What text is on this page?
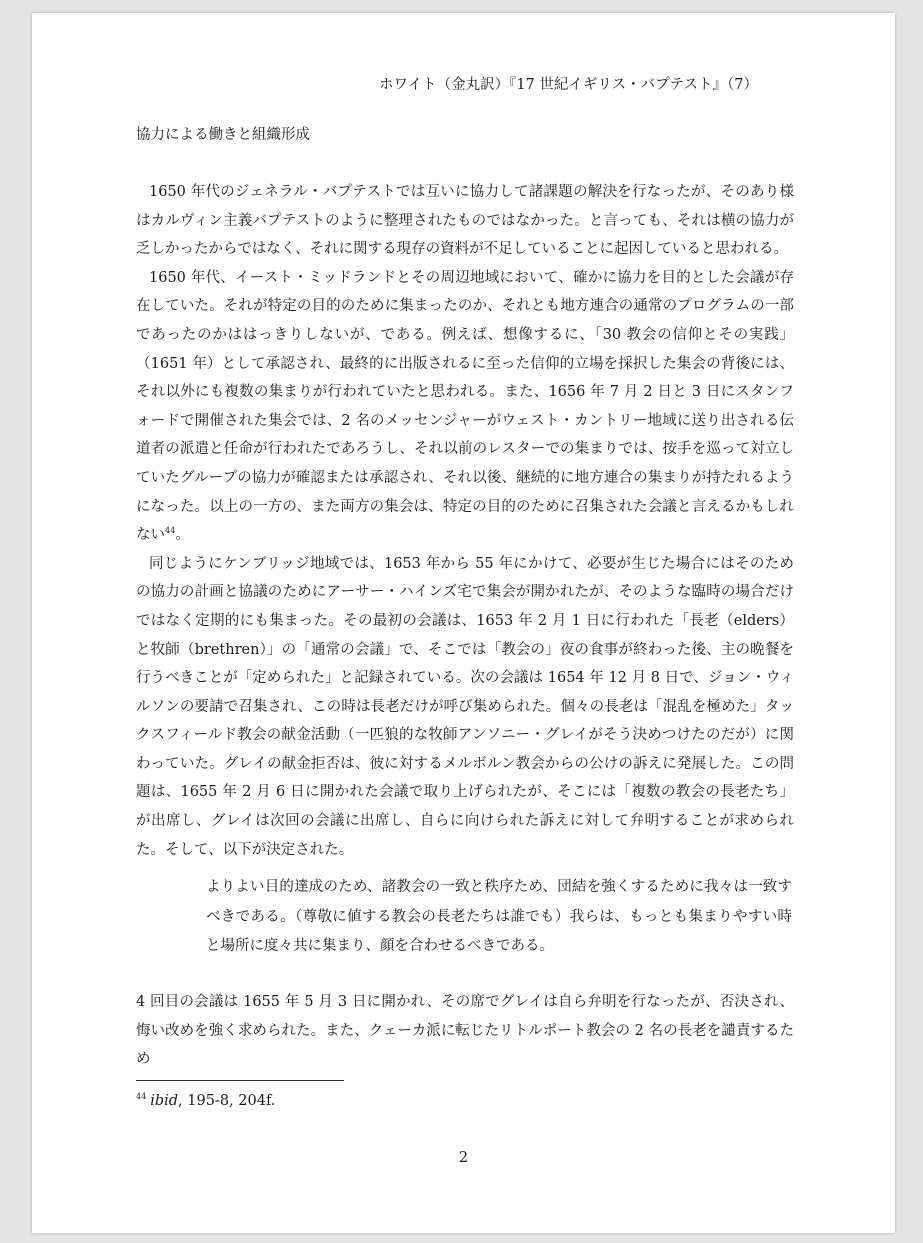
ホワイト（金丸訳）『17 世紀イギリス・バプテスト』（7）
協力による働きと組織形成

1650 年代のジェネラル・バプテストでは互いに協力して諸課題の解決を行なったが、そのあり様はカルヴィン主義バプテストのように整理されたものではなかった。と言っても、それは横の協力が乏しかったからではなく、それに関する現存の資料が不足していることに起因していると思われる。

1650 年代、イースト・ミッドランドとその周辺地域において、確かに協力を目的とした会議が存在していた。それが特定の目的のために集まったのか、それとも地方連合の通常のプログラムの一部であったのかははっきりしないが、である。例えば、想像するに、「30 教会の信仰とその実践」（1651 年）として承認され、最終的に出版されるに至った信仰的立場を採択した集会の背後には、それ以外にも複数の集まりが行われていたと思われる。また、1656 年 7 月 2 日と 3 日にスタンフォードで開催された集会では、2 名のメッセンジャーがウェスト・カントリー地域に送り出される伝道者の派遣と任命が行われたであろうし、それ以前のレスターでの集まりでは、按手を巡って対立していたグループの協力が確認または承認され、それ以後、継続的に地方連合の集まりが持たれるようになった。以上の一方の、また両方の集会は、特定の目的のために召集された会議と言えるかもしれない$^{44}$。

同じようにケンブリッジ地域では、1653 年から 55 年にかけて、必要が生じた場合にはそのための協力の計画と協議のためにアーサー・ハインズ宅で集会が開かれたが、そのような臨時の場合だけではなく定期的にも集まった。その最初の会議は、1653 年 2 月 1 日に行われた「長老（elders）と牧師（brethren）」の「通常の会議」で、そこでは「教会の」夜の食事が終わった後、主の晩餐を行うべきことが「定められた」と記録されている。次の会議は 1654 年 12 月 8 日で、ジョン・ウィルソンの要請で召集され、この時は長老だけが呼び集められた。個々の長老は「混乱を極めた」タックスフィールド教会の献金活動（一匹狼的な牧師アンソニー・グレイがそう決めつけたのだが）に関わっていた。グレイの献金拒否は、彼に対するメルボルン教会からの公けの訴えに発展した。この問題は、1655 年 2 月 6 日に開かれた会議で取り上げられたが、そこには「複数の教会の長老たち」が出席し、グレイは次回の会議に出席し、自らに向けられた訴えに対して弁明することが求められた。そして、以下が決定された。

よりよい目的達成のため、諸教会の一致と秩序ため、団結を強くするために我々は一致すべきである。（尊敬に値する教会の長老たちは誰でも）我らは、もっとも集まりやすい時と場所に度々共に集まり、顔を合わせるべきである。

4 回目の会議は 1655 年 5 月 3 日に開かれ、その席でグレイは自ら弁明を行なったが、否決され、悔い改めを強く求められた。また、クェーカ派に転じたリトルポート教会の 2 名の長老を譴責するため

$^{44}$ ibid, 195-8, 204f.
2
